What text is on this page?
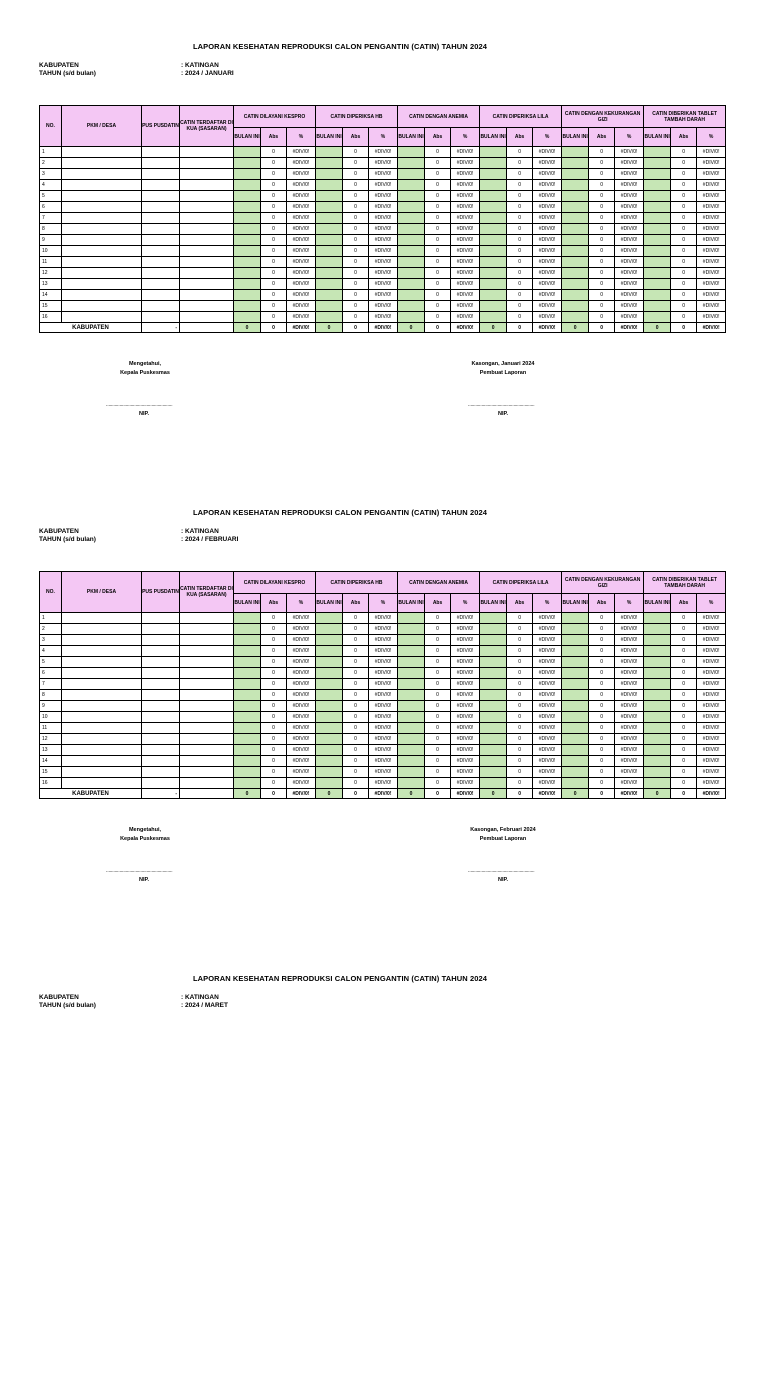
LAPORAN KESEHATAN REPRODUKSI CALON PENGANTIN (CATIN) TAHUN 2024
KABUPATEN	: KATINGAN
TAHUN (s/d bulan)	: 2024 / JANUARI
NO.	PKM / DESA	PUS PUSDATIN	CATIN TERDAFTAR DI KUA (SASARAN)	CATIN DILAYANI KESPRO			CATIN DIPERIKSA HB			CATIN DENGAN ANEMIA			CATIN DIPERIKSA LILA			CATIN DENGAN KEKURANGAN GIZI			CATIN DIBERIKAN TABLET TAMBAH DARAH		
				BULAN INI	Abs	%	BULAN INI	Abs	%	BULAN INI	Abs	%	BULAN INI	Abs	%	BULAN INI	Abs	%	BULAN INI	Abs	%
1					0	#DIV/0!		0	#DIV/0!		0	#DIV/0!		0	#DIV/0!		0	#DIV/0!		0	#DIV/0!
2					0	#DIV/0!		0	#DIV/0!		0	#DIV/0!		0	#DIV/0!		0	#DIV/0!		0	#DIV/0!
3					0	#DIV/0!		0	#DIV/0!		0	#DIV/0!		0	#DIV/0!		0	#DIV/0!		0	#DIV/0!
4					0	#DIV/0!		0	#DIV/0!		0	#DIV/0!		0	#DIV/0!		0	#DIV/0!		0	#DIV/0!
5					0	#DIV/0!		0	#DIV/0!		0	#DIV/0!		0	#DIV/0!		0	#DIV/0!		0	#DIV/0!
6					0	#DIV/0!		0	#DIV/0!		0	#DIV/0!		0	#DIV/0!		0	#DIV/0!		0	#DIV/0!
7					0	#DIV/0!		0	#DIV/0!		0	#DIV/0!		0	#DIV/0!		0	#DIV/0!		0	#DIV/0!
8					0	#DIV/0!		0	#DIV/0!		0	#DIV/0!		0	#DIV/0!		0	#DIV/0!		0	#DIV/0!
9					0	#DIV/0!		0	#DIV/0!		0	#DIV/0!		0	#DIV/0!		0	#DIV/0!		0	#DIV/0!
10					0	#DIV/0!		0	#DIV/0!		0	#DIV/0!		0	#DIV/0!		0	#DIV/0!		0	#DIV/0!
11					0	#DIV/0!		0	#DIV/0!		0	#DIV/0!		0	#DIV/0!		0	#DIV/0!		0	#DIV/0!
12					0	#DIV/0!		0	#DIV/0!		0	#DIV/0!		0	#DIV/0!		0	#DIV/0!		0	#DIV/0!
13					0	#DIV/0!		0	#DIV/0!		0	#DIV/0!		0	#DIV/0!		0	#DIV/0!		0	#DIV/0!
14					0	#DIV/0!		0	#DIV/0!		0	#DIV/0!		0	#DIV/0!		0	#DIV/0!		0	#DIV/0!
15					0	#DIV/0!		0	#DIV/0!		0	#DIV/0!		0	#DIV/0!		0	#DIV/0!		0	#DIV/0!
16					0	#DIV/0!		0	#DIV/0!		0	#DIV/0!		0	#DIV/0!		0	#DIV/0!		0	#DIV/0!
KABUPATEN		-		0	0	#DIV/0!	0	0	#DIV/0!	0	0	#DIV/0!	0	0	#DIV/0!	0	0	#DIV/0!	0	0	#DIV/0!
Mengetahui,
Kepala Puskesmas
Kasongan, Januari 2024
Pembuat Laporan
......................................................
NIP.
......................................................
NIP.
LAPORAN KESEHATAN REPRODUKSI CALON PENGANTIN (CATIN) TAHUN 2024
KABUPATEN	: KATINGAN
TAHUN (s/d bulan)	: 2024 / FEBRUARI
NO.	PKM / DESA	PUS PUSDATIN	CATIN TERDAFTAR DI KUA (SASARAN)	CATIN DILAYANI KESPRO			CATIN DIPERIKSA HB			CATIN DENGAN ANEMIA			CATIN DIPERIKSA LILA			CATIN DENGAN KEKURANGAN GIZI			CATIN DIBERIKAN TABLET TAMBAH DARAH		
				BULAN INI	Abs	%	BULAN INI	Abs	%	BULAN INI	Abs	%	BULAN INI	Abs	%	BULAN INI	Abs	%	BULAN INI	Abs	%
1					0	#DIV/0!		0	#DIV/0!		0	#DIV/0!		0	#DIV/0!		0	#DIV/0!		0	#DIV/0!
2					0	#DIV/0!		0	#DIV/0!		0	#DIV/0!		0	#DIV/0!		0	#DIV/0!		0	#DIV/0!
3					0	#DIV/0!		0	#DIV/0!		0	#DIV/0!		0	#DIV/0!		0	#DIV/0!		0	#DIV/0!
4					0	#DIV/0!		0	#DIV/0!		0	#DIV/0!		0	#DIV/0!		0	#DIV/0!		0	#DIV/0!
5					0	#DIV/0!		0	#DIV/0!		0	#DIV/0!		0	#DIV/0!		0	#DIV/0!		0	#DIV/0!
6					0	#DIV/0!		0	#DIV/0!		0	#DIV/0!		0	#DIV/0!		0	#DIV/0!		0	#DIV/0!
7					0	#DIV/0!		0	#DIV/0!		0	#DIV/0!		0	#DIV/0!		0	#DIV/0!		0	#DIV/0!
8					0	#DIV/0!		0	#DIV/0!		0	#DIV/0!		0	#DIV/0!		0	#DIV/0!		0	#DIV/0!
9					0	#DIV/0!		0	#DIV/0!		0	#DIV/0!		0	#DIV/0!		0	#DIV/0!		0	#DIV/0!
10					0	#DIV/0!		0	#DIV/0!		0	#DIV/0!		0	#DIV/0!		0	#DIV/0!		0	#DIV/0!
11					0	#DIV/0!		0	#DIV/0!		0	#DIV/0!		0	#DIV/0!		0	#DIV/0!		0	#DIV/0!
12					0	#DIV/0!		0	#DIV/0!		0	#DIV/0!		0	#DIV/0!		0	#DIV/0!		0	#DIV/0!
13					0	#DIV/0!		0	#DIV/0!		0	#DIV/0!		0	#DIV/0!		0	#DIV/0!		0	#DIV/0!
14					0	#DIV/0!		0	#DIV/0!		0	#DIV/0!		0	#DIV/0!		0	#DIV/0!		0	#DIV/0!
15					0	#DIV/0!		0	#DIV/0!		0	#DIV/0!		0	#DIV/0!		0	#DIV/0!		0	#DIV/0!
16					0	#DIV/0!		0	#DIV/0!		0	#DIV/0!		0	#DIV/0!		0	#DIV/0!		0	#DIV/0!
KABUPATEN		-		0	0	#DIV/0!	0	0	#DIV/0!	0	0	#DIV/0!	0	0	#DIV/0!	0	0	#DIV/0!	0	0	#DIV/0!
Mengetahui,
Kepala Puskesmas
Kasongan, Februari 2024
Pembuat Laporan
......................................................
NIP.
......................................................
NIP.
LAPORAN KESEHATAN REPRODUKSI CALON PENGANTIN (CATIN) TAHUN 2024
KABUPATEN	: KATINGAN
TAHUN (s/d bulan)	: 2024 / MARET
